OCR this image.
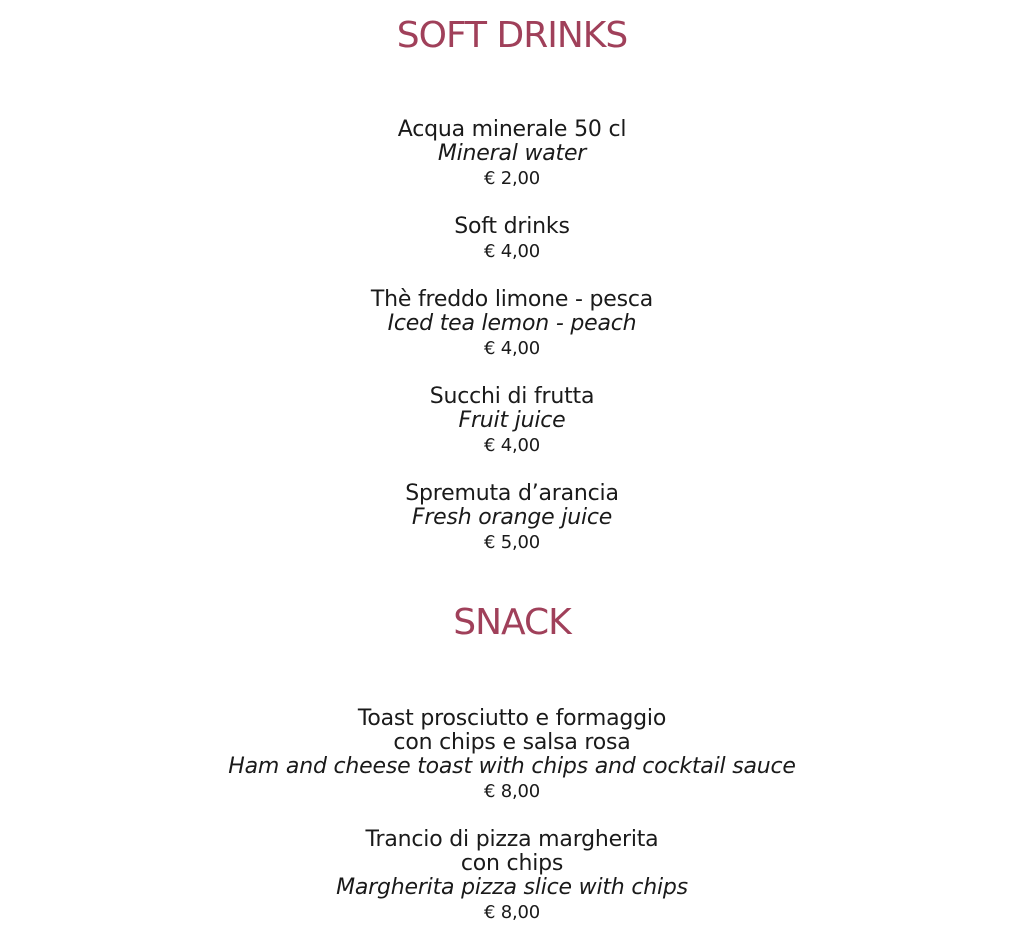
SOFT DRINKS
Acqua minerale 50 cl
Mineral water
€ 2,00
Soft drinks
€ 4,00
Thè freddo limone - pesca
Iced tea lemon - peach
€ 4,00
Succhi di frutta
Fruit juice
€ 4,00
Spremuta d’arancia
Fresh orange juice
€ 5,00
SNACK
Toast prosciutto e formaggio
con chips e salsa rosa
Ham and cheese toast with chips and cocktail sauce
€ 8,00
Trancio di pizza margherita
con chips
Margherita pizza slice with chips
€ 8,00
